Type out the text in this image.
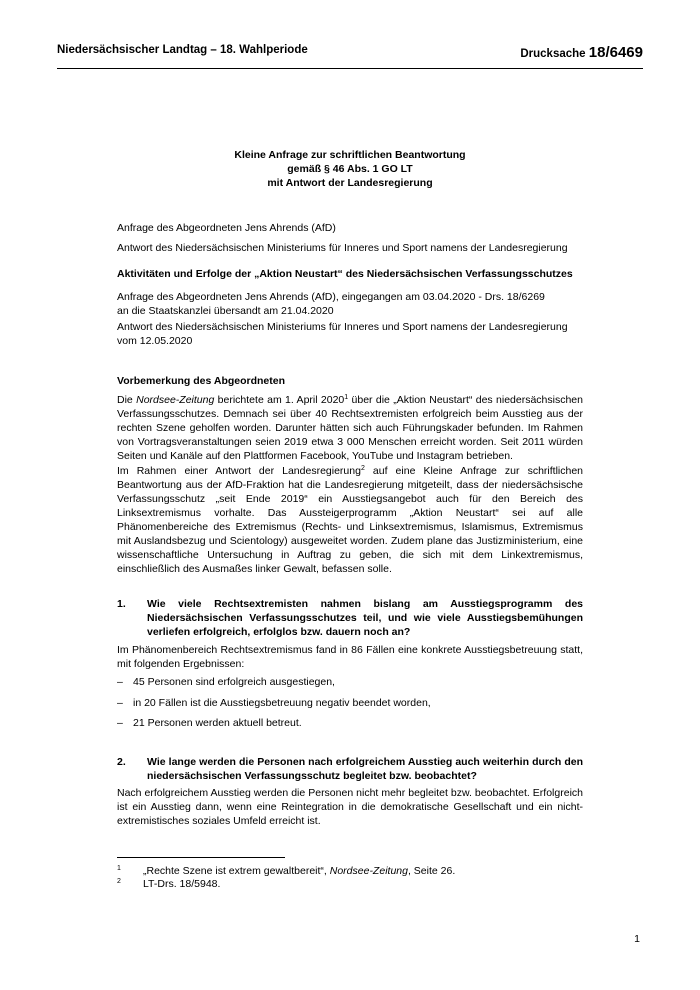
Niedersächsischer Landtag – 18. Wahlperiode	Drucksache 18/6469
Kleine Anfrage zur schriftlichen Beantwortung
gemäß § 46 Abs. 1 GO LT
mit Antwort der Landesregierung
Anfrage des Abgeordneten Jens Ahrends (AfD)
Antwort des Niedersächsischen Ministeriums für Inneres und Sport namens der Landesregierung
Aktivitäten und Erfolge der „Aktion Neustart“ des Niedersächsischen Verfassungsschutzes
Anfrage des Abgeordneten Jens Ahrends (AfD), eingegangen am 03.04.2020 - Drs. 18/6269
an die Staatskanzlei übersandt am 21.04.2020
Antwort des Niedersächsischen Ministeriums für Inneres und Sport namens der Landesregierung
vom 12.05.2020
Vorbemerkung des Abgeordneten
Die Nordsee-Zeitung berichtete am 1. April 2020$^1$ über die „Aktion Neustart“ des niedersächsischen Verfassungsschutzes. Demnach sei über 40 Rechtsextremisten erfolgreich beim Ausstieg aus der rechten Szene geholfen worden. Darunter hätten sich auch Führungskader befunden. Im Rahmen von Vortragsveranstaltungen seien 2019 etwa 3 000 Menschen erreicht worden. Seit 2011 würden Seiten und Kanäle auf den Plattformen Facebook, YouTube und Instagram betrieben.
Im Rahmen einer Antwort der Landesregierung$^2$ auf eine Kleine Anfrage zur schriftlichen Beantwortung aus der AfD-Fraktion hat die Landesregierung mitgeteilt, dass der niedersächsische Verfassungsschutz „seit Ende 2019“ ein Ausstiegsangebot auch für den Bereich des Linksextremismus vorhalte. Das Aussteigerprogramm „Aktion Neustart“ sei auf alle Phänomenbereiche des Extremismus (Rechts- und Linksextremismus, Islamismus, Extremismus mit Auslandsbezug und Scientology) ausgeweitet worden. Zudem plane das Justizministerium, eine wissenschaftliche Untersuchung in Auftrag zu geben, die sich mit dem Linkextremismus, einschließlich des Ausmaßes linker Gewalt, befassen solle.
1. Wie viele Rechtsextremisten nahmen bislang am Ausstiegsprogramm des Niedersächsischen Verfassungsschutzes teil, und wie viele Ausstiegsbemühungen verliefen erfolgreich, erfolglos bzw. dauern noch an?
Im Phänomenbereich Rechtsextremismus fand in 86 Fällen eine konkrete Ausstiegsbetreuung statt, mit folgenden Ergebnissen:
– 45 Personen sind erfolgreich ausgestiegen,
– in 20 Fällen ist die Ausstiegsbetreuung negativ beendet worden,
– 21 Personen werden aktuell betreut.
2. Wie lange werden die Personen nach erfolgreichem Ausstieg auch weiterhin durch den niedersächsischen Verfassungsschutz begleitet bzw. beobachtet?
Nach erfolgreichem Ausstieg werden die Personen nicht mehr begleitet bzw. beobachtet. Erfolgreich ist ein Ausstieg dann, wenn eine Reintegration in die demokratische Gesellschaft und ein nicht-extremistisches soziales Umfeld erreicht ist.
1 „Rechte Szene ist extrem gewaltbereit“, Nordsee-Zeitung, Seite 26.
2 LT-Drs. 18/5948.
1
